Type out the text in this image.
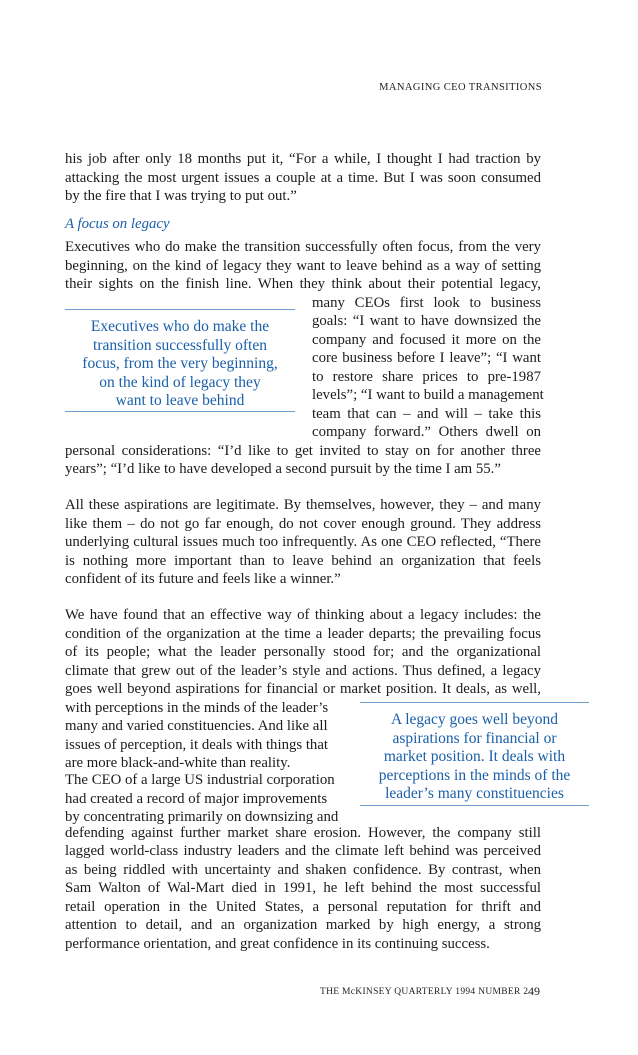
MANAGING CEO TRANSITIONS
his job after only 18 months put it, “For a while, I thought I had traction by
attacking the most urgent issues a couple at a time. But I was soon consumed
by the fire that I was trying to put out.”
A focus on legacy
Executives who do make the transition successfully often focus, from the very
beginning, on the kind of legacy they want to leave behind as a way of setting
their sights on the finish line. When they think about their potential legacy,
many CEOs first look to business
goals: “I want to have downsized the
company and focused it more on the
core business before I leave”; “I want
to restore share prices to pre-1987
levels”; “I want to build a management
team that can – and will – take this
company forward.” Others dwell on
Executives who do make the
transition successfully often
focus, from the very beginning,
on the kind of legacy they
want to leave behind
personal considerations: “I’d like to get invited to stay on for another three
years”; “I’d like to have developed a second pursuit by the time I am 55.”
All these aspirations are legitimate. By themselves, however, they – and many
like them – do not go far enough, do not cover enough ground. They address
underlying cultural issues much too infrequently. As one CEO reflected, “There
is nothing more important than to leave behind an organization that feels
confident of its future and feels like a winner.”
We have found that an effective way of thinking about a legacy includes: the
condition of the organization at the time a leader departs; the prevailing focus
of its people; what the leader personally stood for; and the organizational
climate that grew out of the leader’s style and actions. Thus defined, a legacy
goes well beyond aspirations for financial or market position. It deals, as well,
with perceptions in the minds of the leader’s
many and varied constituencies. And like all
issues of perception, it deals with things that
are more black-and-white than reality.
The CEO of a large US industrial corporation
had created a record of major improvements
by concentrating primarily on downsizing and
A legacy goes well beyond
aspirations for financial or
market position. It deals with
perceptions in the minds of the
leader’s many constituencies
defending against further market share erosion. However, the company still
lagged world-class industry leaders and the climate left behind was perceived
as being riddled with uncertainty and shaken confidence. By contrast, when
Sam Walton of Wal-Mart died in 1991, he left behind the most successful
retail operation in the United States, a personal reputation for thrift and
attention to detail, and an organization marked by high energy, a strong
performance orientation, and great confidence in its continuing success.
THE McKINSEY QUARTERLY 1994 NUMBER 2 49
